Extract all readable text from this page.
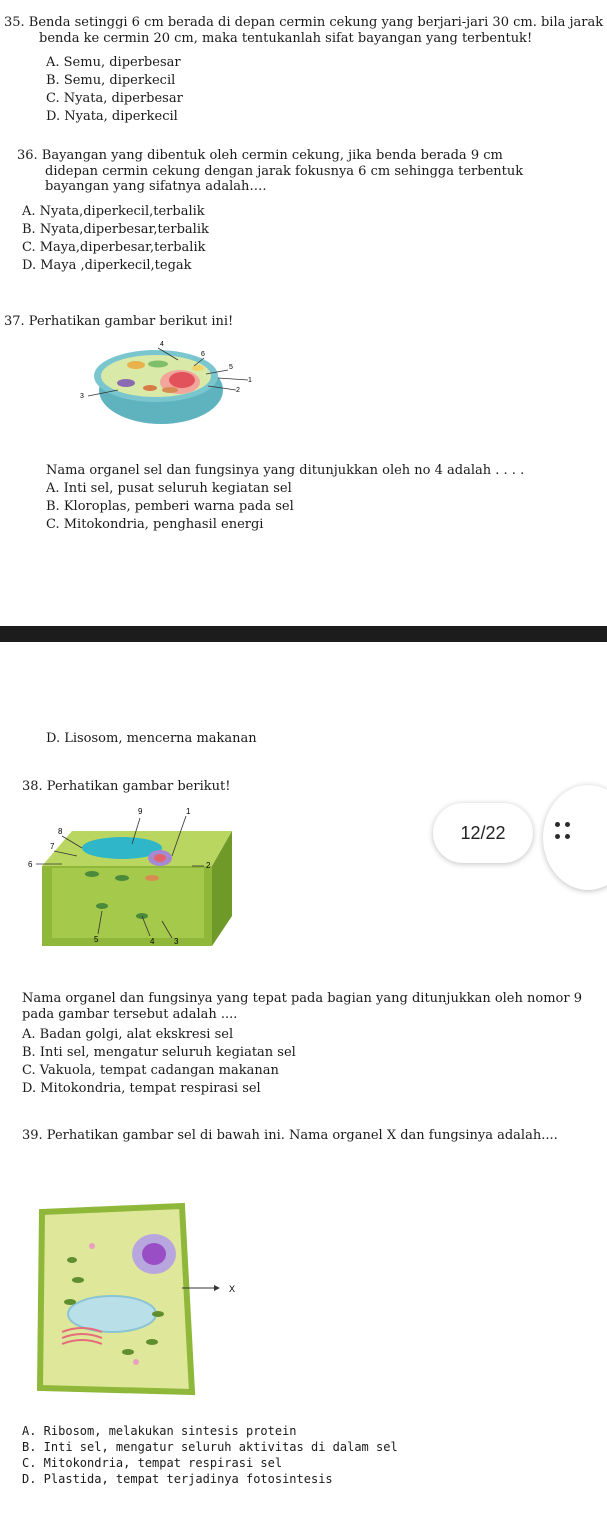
35. Benda setinggi 6 cm berada di depan cermin cekung yang berjari-jari 30 cm. bila jarak benda ke cermin 20 cm, maka tentukanlah sifat bayangan yang terbentuk!

A. Semu, diperbesar
B. Semu, diperkecil
C. Nyata, diperbesar
D. Nyata, diperkecil

36. Bayangan yang dibentuk oleh cermin cekung, jika benda berada 9 cm didepan cermin cekung dengan jarak fokusnya 6 cm sehingga terbentuk bayangan yang sifatnya adalah….

A. Nyata,diperkecil,terbalik
B. Nyata,diperbesar,terbalik
C. Maya,diperbesar,terbalik
D. Maya ,diperkecil,tegak
37. Perhatikan gambar berikut ini!
4
6
5
1
2
3
Nama organel sel dan fungsinya yang ditunjukkan oleh no 4 adalah . . . .
A. Inti sel, pusat seluruh kegiatan sel
B. Kloroplas, pemberi warna pada sel
C. Mitokondria, penghasil energi
D. Lisosom, mencerna makanan
38. Perhatikan gambar berikut!
9	1
8
7
6	2
5	4 3
12/22

Nama organel dan fungsinya yang tepat pada bagian yang ditunjukkan oleh nomor 9 pada gambar tersebut adalah ....

A. Badan golgi, alat ekskresi sel
B. Inti sel, mengatur seluruh kegiatan sel
C. Vakuola, tempat cadangan makanan
D. Mitokondria, tempat respirasi sel
39. Perhatikan gambar sel di bawah ini. Nama organel X dan fungsinya adalah....
X
A. Ribosom, melakukan sintesis protein
B. Inti sel, mengatur seluruh aktivitas di dalam sel
C. Mitokondria, tempat respirasi sel
D. Plastida, tempat terjadinya fotosintesis
